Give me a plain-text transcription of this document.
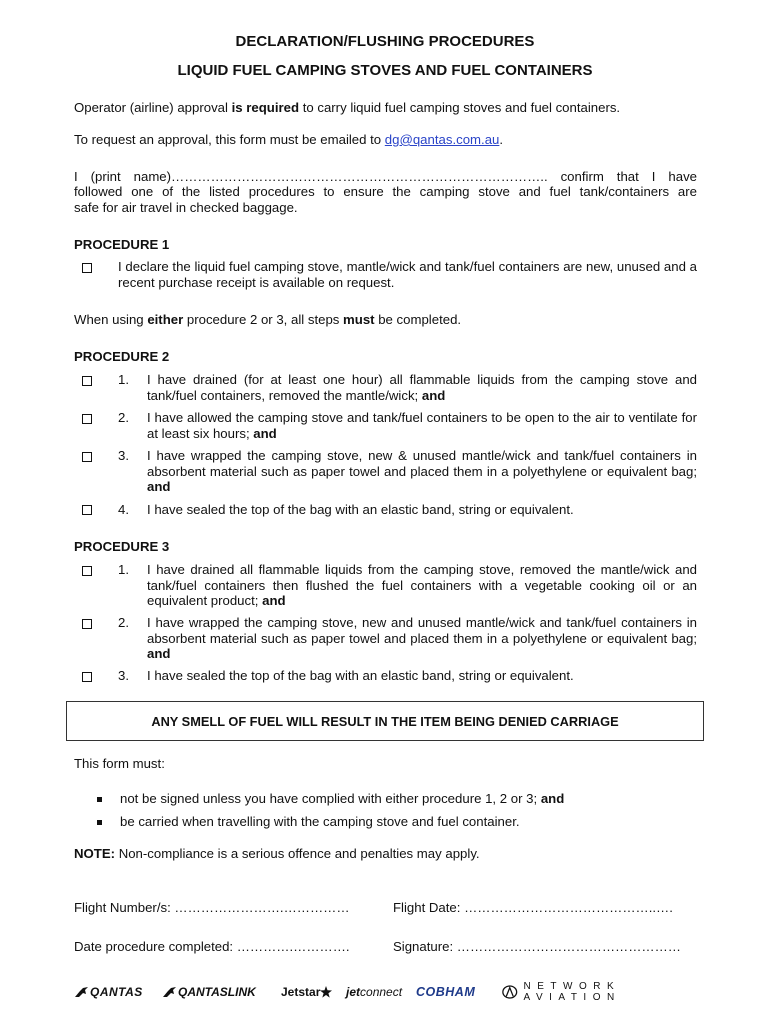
DECLARATION/FLUSHING PROCEDURES
LIQUID FUEL CAMPING STOVES AND FUEL CONTAINERS
Operator (airline) approval is required to carry liquid fuel camping stoves and fuel containers.
To request an approval, this form must be emailed to dg@qantas.com.au.
I (print name)………………………………………………………………………….. confirm that I have
followed one of the listed procedures to ensure the camping stove and fuel tank/containers are
safe for air travel in checked baggage.
PROCEDURE 1
I declare the liquid fuel camping stove, mantle/wick and tank/fuel containers are new, unused and a recent purchase receipt is available on request.
When using either procedure 2 or 3, all steps must be completed.
PROCEDURE 2
1. I have drained (for at least one hour) all flammable liquids from the camping stove and tank/fuel containers, removed the mantle/wick; and
2. I have allowed the camping stove and tank/fuel containers to be open to the air to ventilate for at least six hours; and
3. I have wrapped the camping stove, new & unused mantle/wick and tank/fuel containers in absorbent material such as paper towel and placed them in a polyethylene or equivalent bag; and
4. I have sealed the top of the bag with an elastic band, string or equivalent.
PROCEDURE 3
1. I have drained all flammable liquids from the camping stove, removed the mantle/wick and tank/fuel containers then flushed the fuel containers with a vegetable cooking oil or an equivalent product; and
2. I have wrapped the camping stove, new and unused mantle/wick and tank/fuel containers in absorbent material such as paper towel and placed them in a polyethylene or equivalent bag; and
3. I have sealed the top of the bag with an elastic band, string or equivalent.
ANY SMELL OF FUEL WILL RESULT IN THE ITEM BEING DENIED CARRIAGE
This form must:
not be signed unless you have complied with either procedure 1, 2 or 3; and
be carried when travelling with the camping stove and fuel container.
NOTE: Non-compliance is a serious offence and penalties may apply.
Flight Number/s: …………………….……………	Flight Date: ……………………………………..….
Date procedure completed: ………….………….	Signature: ……………………………………………
QANTAS	QANTASLINK Jetstar jet connect COBHAM	NETWORK AVIATION
